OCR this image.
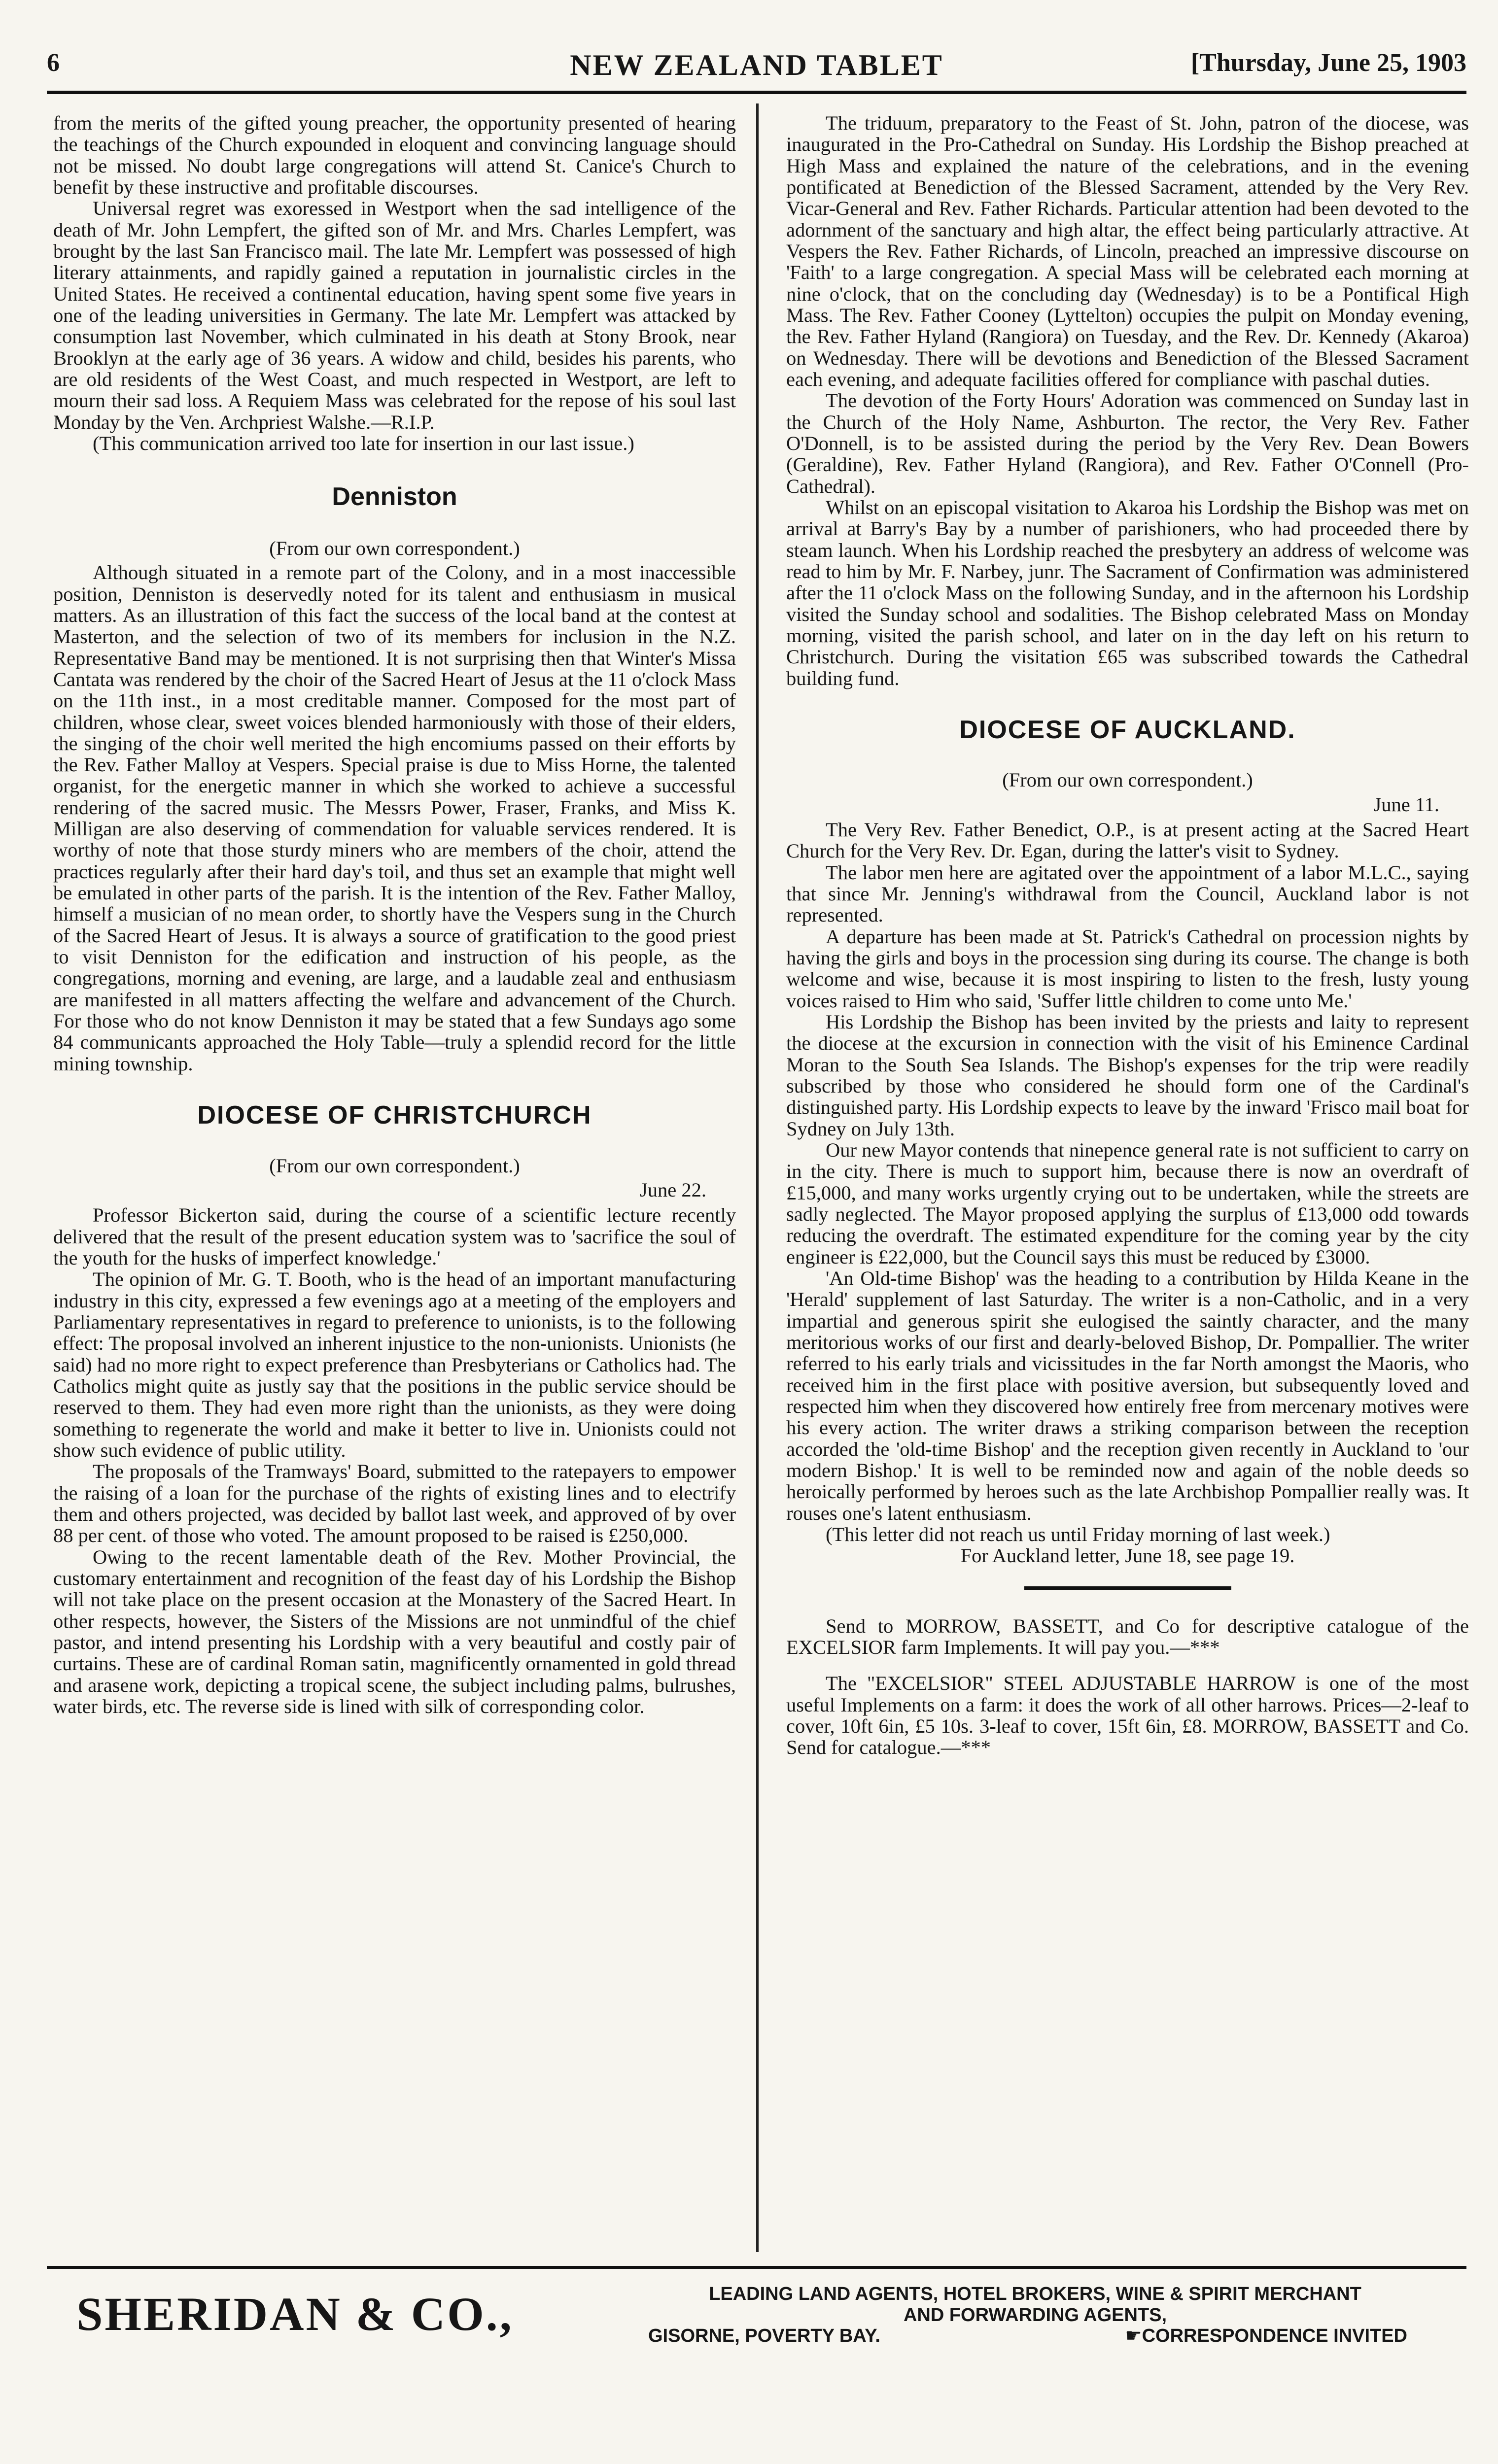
6	NEW ZEALAND TABLET	[Thursday, June 25, 1903

from the merits of the gifted young preacher, the opportunity presented of hearing the teachings of the Church expounded in eloquent and convincing language should not be missed. No doubt large congregations will attend St. Canice's Church to benefit by these instructive and profitable discourses.

Universal regret was exoressed in Westport when the sad intelligence of the death of Mr. John Lempfert, the gifted son of Mr. and Mrs. Charles Lempfert, was brought by the last San Francisco mail. The late Mr. Lempfert was possessed of high literary attainments, and rapidly gained a reputation in journalistic circles in the United States. He received a continental education, having spent some five years in one of the leading universities in Germany. The late Mr. Lempfert was attacked by consumption last November, which culminated in his death at Stony Brook, near Brooklyn at the early age of 36 years. A widow and child, besides his parents, who are old residents of the West Coast, and much respected in Westport, are left to mourn their sad loss. A Requiem Mass was celebrated for the repose of his soul last Monday by the Ven. Archpriest Walshe.—R.I.P.

(This communication arrived too late for insertion in our last issue.)

Denniston

(From our own correspondent.)

Although situated in a remote part of the Colony, and in a most inaccessible position, Denniston is deservedly noted for its talent and enthusiasm in musical matters. As an illustration of this fact the success of the local band at the contest at Masterton, and the selection of two of its members for inclusion in the N.Z. Representative Band may be mentioned. It is not surprising then that Winter's Missa Cantata was rendered by the choir of the Sacred Heart of Jesus at the 11 o'clock Mass on the 11th inst., in a most creditable manner. Composed for the most part of children, whose clear, sweet voices blended harmoniously with those of their elders, the singing of the choir well merited the high encomiums passed on their efforts by the Rev. Father Malloy at Vespers. Special praise is due to Miss Horne, the talented organist, for the energetic manner in which she worked to achieve a successful rendering of the sacred music. The Messrs Power, Fraser, Franks, and Miss K. Milligan are also deserving of commendation for valuable services rendered. It is worthy of note that those sturdy miners who are members of the choir, attend the practices regularly after their hard day's toil, and thus set an example that might well be emulated in other parts of the parish. It is the intention of the Rev. Father Malloy, himself a musician of no mean order, to shortly have the Vespers sung in the Church of the Sacred Heart of Jesus. It is always a source of gratification to the good priest to visit Denniston for the edification and instruction of his people, as the congregations, morning and evening, are large, and a laudable zeal and enthusiasm are manifested in all matters affecting the welfare and advancement of the Church. For those who do not know Denniston it may be stated that a few Sundays ago some 84 communicants approached the Holy Table—truly a splendid record for the little mining township.

DIOCESE OF CHRISTCHURCH

(From our own correspondent.)

June 22.

Professor Bickerton said, during the course of a scientific lecture recently delivered that the result of the present education system was to 'sacrifice the soul of the youth for the husks of imperfect knowledge.'

The opinion of Mr. G. T. Booth, who is the head of an important manufacturing industry in this city, expressed a few evenings ago at a meeting of the employers and Parliamentary representatives in regard to preference to unionists, is to the following effect: The proposal involved an inherent injustice to the non-unionists. Unionists (he said) had no more right to expect preference than Presbyterians or Catholics had. The Catholics might quite as justly say that the positions in the public service should be reserved to them. They had even more right than the unionists, as they were doing something to regenerate the world and make it better to live in. Unionists could not show such evidence of public utility.

The proposals of the Tramways' Board, submitted to the ratepayers to empower the raising of a loan for the purchase of the rights of existing lines and to electrify them and others projected, was decided by ballot last week, and approved of by over 88 per cent. of those who voted. The amount proposed to be raised is £250,000.

Owing to the recent lamentable death of the Rev. Mother Provincial, the customary entertainment and recognition of the feast day of his Lordship the Bishop will not take place on the present occasion at the Monastery of the Sacred Heart. In other respects, however, the Sisters of the Missions are not unmindful of the chief pastor, and intend presenting his Lordship with a very beautiful and costly pair of curtains. These are of cardinal Roman satin, magnificently ornamented in gold thread and arasene work, depicting a tropical scene, the subject including palms, bulrushes, water birds, etc. The reverse side is lined with silk of corresponding color.

The triduum, preparatory to the Feast of St. John, patron of the diocese, was inaugurated in the Pro-Cathedral on Sunday. His Lordship the Bishop preached at High Mass and explained the nature of the celebrations, and in the evening pontificated at Benediction of the Blessed Sacrament, attended by the Very Rev. Vicar-General and Rev. Father Richards. Particular attention had been devoted to the adornment of the sanctuary and high altar, the effect being particularly attractive. At Vespers the Rev. Father Richards, of Lincoln, preached an impressive discourse on 'Faith' to a large congregation. A special Mass will be celebrated each morning at nine o'clock, that on the concluding day (Wednesday) is to be a Pontifical High Mass. The Rev. Father Cooney (Lyttelton) occupies the pulpit on Monday evening, the Rev. Father Hyland (Rangiora) on Tuesday, and the Rev. Dr. Kennedy (Akaroa) on Wednesday. There will be devotions and Benediction of the Blessed Sacrament each evening, and adequate facilities offered for compliance with paschal duties.

The devotion of the Forty Hours' Adoration was commenced on Sunday last in the Church of the Holy Name, Ashburton. The rector, the Very Rev. Father O'Donnell, is to be assisted during the period by the Very Rev. Dean Bowers (Geraldine), Rev. Father Hyland (Rangiora), and Rev. Father O'Connell (Pro-Cathedral).

Whilst on an episcopal visitation to Akaroa his Lordship the Bishop was met on arrival at Barry's Bay by a number of parishioners, who had proceeded there by steam launch. When his Lordship reached the presbytery an address of welcome was read to him by Mr. F. Narbey, junr. The Sacrament of Confirmation was administered after the 11 o'clock Mass on the following Sunday, and in the afternoon his Lordship visited the Sunday school and sodalities. The Bishop celebrated Mass on Monday morning, visited the parish school, and later on in the day left on his return to Christchurch. During the visitation £65 was subscribed towards the Cathedral building fund.

DIOCESE OF AUCKLAND.

(From our own correspondent.)

June 11.

The Very Rev. Father Benedict, O.P., is at present acting at the Sacred Heart Church for the Very Rev. Dr. Egan, during the latter's visit to Sydney.

The labor men here are agitated over the appointment of a labor M.L.C., saying that since Mr. Jenning's withdrawal from the Council, Auckland labor is not represented.

A departure has been made at St. Patrick's Cathedral on procession nights by having the girls and boys in the procession sing during its course. The change is both welcome and wise, because it is most inspiring to listen to the fresh, lusty young voices raised to Him who said, 'Suffer little children to come unto Me.'

His Lordship the Bishop has been invited by the priests and laity to represent the diocese at the excursion in connection with the visit of his Eminence Cardinal Moran to the South Sea Islands. The Bishop's expenses for the trip were readily subscribed by those who considered he should form one of the Cardinal's distinguished party. His Lordship expects to leave by the inward 'Frisco mail boat for Sydney on July 13th.

Our new Mayor contends that ninepence general rate is not sufficient to carry on in the city. There is much to support him, because there is now an overdraft of £15,000, and many works urgently crying out to be undertaken, while the streets are sadly neglected. The Mayor proposed applying the surplus of £13,000 odd towards reducing the overdraft. The estimated expenditure for the coming year by the city engineer is £22,000, but the Council says this must be reduced by £3000.

'An Old-time Bishop' was the heading to a contribution by Hilda Keane in the 'Herald' supplement of last Saturday. The writer is a non-Catholic, and in a very impartial and generous spirit she eulogised the saintly character, and the many meritorious works of our first and dearly-beloved Bishop, Dr. Pompallier. The writer referred to his early trials and vicissitudes in the far North amongst the Maoris, who received him in the first place with positive aversion, but subsequently loved and respected him when they discovered how entirely free from mercenary motives were his every action. The writer draws a striking comparison between the reception accorded the 'old-time Bishop' and the reception given recently in Auckland to 'our modern Bishop.' It is well to be reminded now and again of the noble deeds so heroically performed by heroes such as the late Archbishop Pompallier really was. It rouses one's latent enthusiasm.

(This letter did not reach us until Friday morning of last week.)

For Auckland letter, June 18, see page 19.

Send to MORROW, BASSETT, and Co for descriptive catalogue of the EXCELSIOR farm Implements. It will pay you.—***

The "EXCELSIOR" STEEL ADJUSTABLE HARROW is one of the most useful Implements on a farm: it does the work of all other harrows. Prices—2-leaf to cover, 10ft 6in, £5 10s. 3-leaf to cover, 15ft 6in, £8. MORROW, BASSETT and Co. Send for catalogue.—***

SHERIDAN & CO.,	LEADING LAND AGENTS, HOTEL BROKERS, WINE & SPIRIT MERCHANT
AND FORWARDING AGENTS,
GISORNE, POVERTY BAY.	☛CORRESPONDENCE INVITED
